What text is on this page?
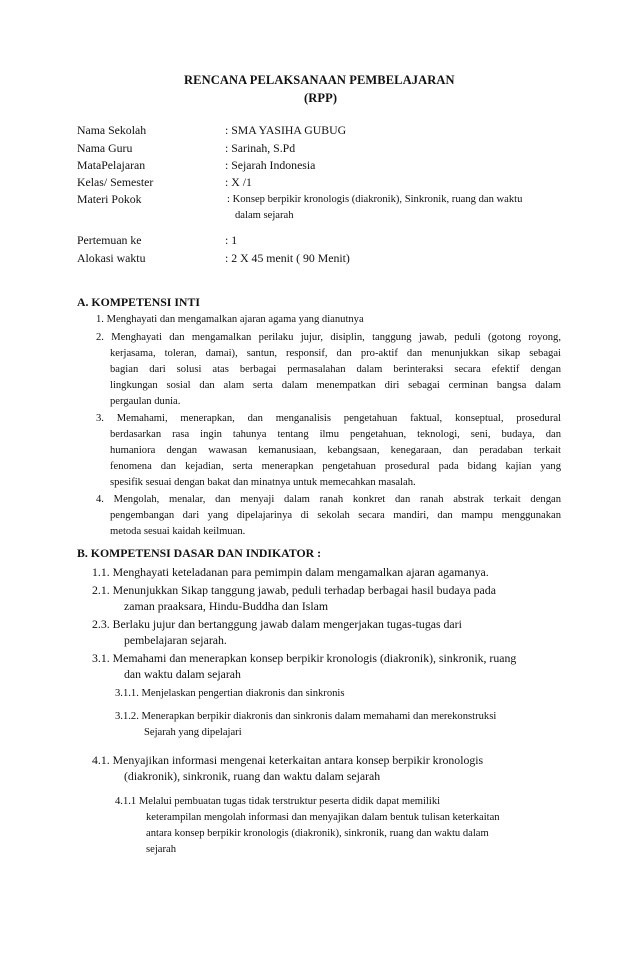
RENCANA PELAKSANAAN PEMBELAJARAN
(RPP)
Nama Sekolah	: SMA YASIHA GUBUG
Nama Guru	: Sarinah, S.Pd
MataPelajaran	: Sejarah Indonesia
Kelas/ Semester	: X /1
Materi Pokok	: Konsep berpikir kronologis (diakronik), Sinkronik, ruang dan waktu
dalam sejarah
Pertemuan ke	: 1
Alokasi waktu	: 2 X 45 menit ( 90 Menit)
A. KOMPETENSI INTI
1. Menghayati dan mengamalkan ajaran agama yang dianutnya
2. Menghayati dan mengamalkan perilaku jujur, disiplin, tanggung jawab, peduli (gotong royong,
kerjasama, toleran, damai), santun, responsif, dan pro-aktif dan menunjukkan sikap sebagai
bagian dari solusi atas berbagai permasalahan dalam berinteraksi secara efektif dengan
lingkungan sosial dan alam serta dalam menempatkan diri sebagai cerminan bangsa dalam
pergaulan dunia.
3. Memahami, menerapkan, dan menganalisis pengetahuan faktual, konseptual, prosedural
berdasarkan rasa ingin tahunya tentang ilmu pengetahuan, teknologi, seni, budaya, dan
humaniora dengan wawasan kemanusiaan, kebangsaan, kenegaraan, dan peradaban terkait
fenomena dan kejadian, serta menerapkan pengetahuan prosedural pada bidang kajian yang
spesifik sesuai dengan bakat dan minatnya untuk memecahkan masalah.
4. Mengolah, menalar, dan menyaji dalam ranah konkret dan ranah abstrak terkait dengan
pengembangan dari yang dipelajarinya di sekolah secara mandiri, dan mampu menggunakan
metoda sesuai kaidah keilmuan.
B. KOMPETENSI DASAR DAN INDIKATOR :
1.1. Menghayati keteladanan para pemimpin dalam mengamalkan ajaran agamanya.
2.1. Menunjukkan Sikap tanggung jawab, peduli terhadap berbagai hasil budaya pada
zaman praaksara, Hindu-Buddha dan Islam
2.3. Berlaku jujur dan bertanggung jawab dalam mengerjakan tugas-tugas dari
pembelajaran sejarah.
3.1. Memahami dan menerapkan konsep berpikir kronologis (diakronik), sinkronik, ruang
dan waktu dalam sejarah
3.1.1. Menjelaskan pengertian diakronis dan sinkronis
3.1.2. Menerapkan berpikir diakronis dan sinkronis dalam memahami dan merekonstruksi
Sejarah yang dipelajari
4.1. Menyajikan informasi mengenai keterkaitan antara konsep berpikir kronologis
(diakronik), sinkronik, ruang dan waktu dalam sejarah
4.1.1 Melalui pembuatan tugas tidak terstruktur peserta didik dapat memiliki
keterampilan mengolah informasi dan menyajikan dalam bentuk tulisan keterkaitan
antara konsep berpikir kronologis (diakronik), sinkronik, ruang dan waktu dalam
sejarah
